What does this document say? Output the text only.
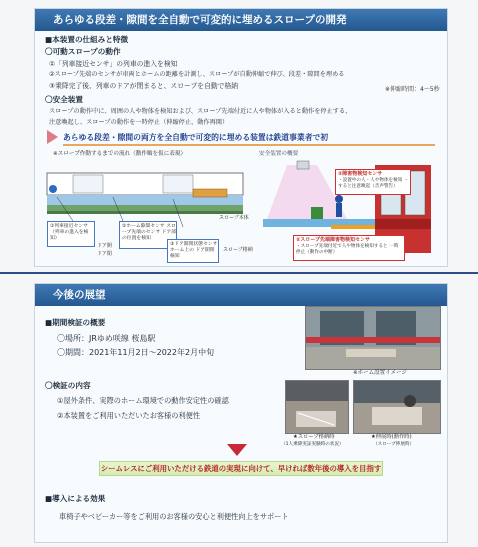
あらゆる段差・隙間を全自動で可変的に埋めるスロープの開発
■本装置の仕組みと特徴
〇可動スロープの動作
①「列車接近センサ」の列車の進入を検知
②スロープ先端のセンサが車両とホームの距離を計測し、スロープが自動伸縮で伸び、段差・隙間を埋める
③乗降完了後、列車のドアが閉まると、スロープを自動で格納	※伸縮時間：4〜5秒
〇安全装置
スロープの動作中に、周囲の人や物体を検知および、スロープ先端付近に人や物体が入ると動作を停止する、
注意喚起し、スロープの動作を一時停止（伸縮停止、動作再開）
あらゆる段差・隙間の両方を全自動で可変的に埋める装置は鉄道事業者で初
※スロープ作動するまでの流れ（動作順を仮に表現）	安全装置の概要
①列車接近センサ（列車の進入を検知）
②ホーム隙間センサ スロープ先端のセンサ ドア部の位置を検知
③ドア開閉状態センサ ホーム上の ドア開閉検知
スロープ本体
スロープ格納
ドア開
ドア閉
②障害物検知センサ
・設置中の人・人や物体を検知 ・すると注意喚起（音声警告）
②スロープ先端障害物検知センサ
・スロープ先端付近で人や物体を検知すると 一時停止（動作の中断）
今後の展望
■期間検証の概要
〇場所：JRゆめ咲線 桜島駅
〇期間：2021年11月2日〜2022年2月中旬
〇検証の内容
①屋外条件、実際のホーム環境での動作安定性の確認
②本装置をご利用いただいたお客様の利便性
※ホーム設置イメージ
★スロープ格納時
（1人乗降実証実験時の状況）
★伸展時(動作時)
（スロープ伸展時）
シームレスにご利用いただける鉄道の実現に向けて、早ければ数年後の導入を目指す
■導入による効果
車椅子やベビーカー等をご利用のお客様の安心と利便性向上をサポート
